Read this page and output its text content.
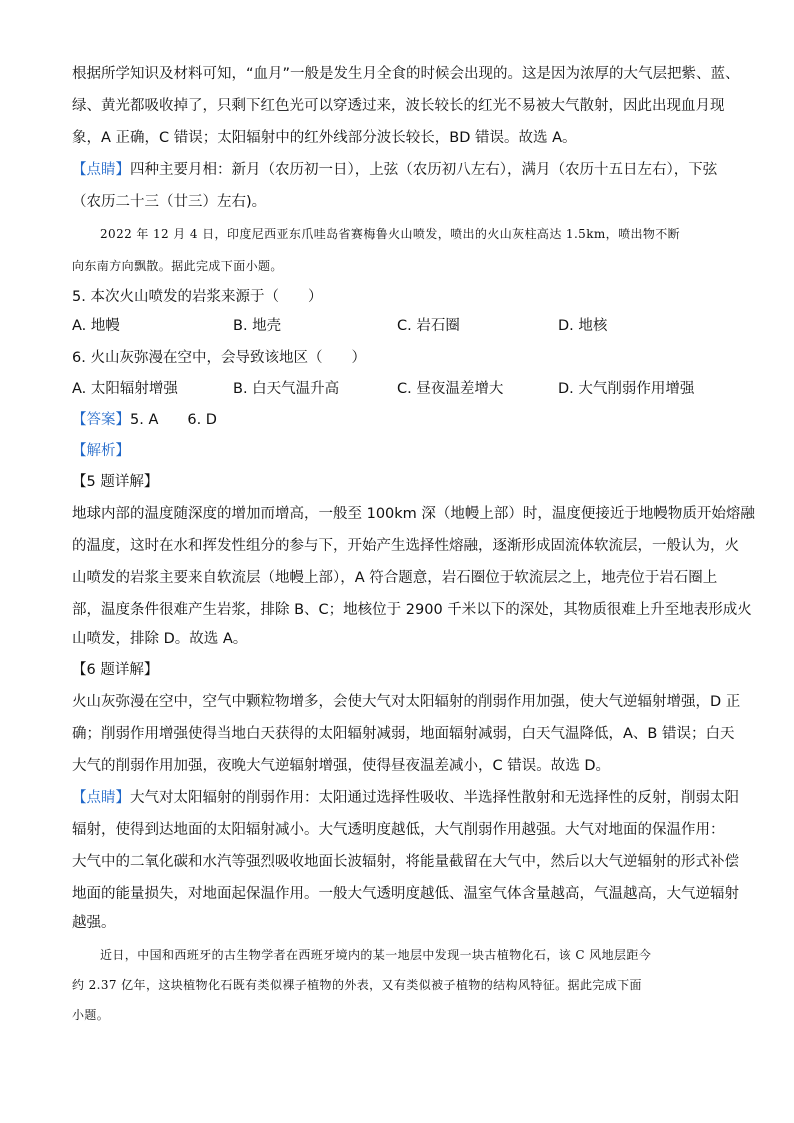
根据所学知识及材料可知，“血月”一般是发生月全食的时候会出现的。这是因为浓厚的大气层把紫、蓝、
绿、黄光都吸收掉了，只剩下红色光可以穿透过来，波长较长的红光不易被大气散射，因此出现血月现
象，A 正确，C 错误；太阳辐射中的红外线部分波长较长，BD 错误。故选 A。
【点睛】四种主要月相：新月（农历初一日），上弦（农历初八左右），满月（农历十五日左右），下弦
（农历二十三（廿三）左右)。
2022 年 12 月 4 日，印度尼西亚东爪哇岛省赛梅鲁火山喷发，喷出的火山灰柱高达 1.5km，喷出物不断
向东南方向飘散。据此完成下面小题。
5. 本次火山喷发的岩浆来源于（　　）
A. 地幔	B. 地壳	C. 岩石圈	D. 地核
6. 火山灰弥漫在空中，会导致该地区（　　）
A. 太阳辐射增强	B. 白天气温升高	C. 昼夜温差增大	D. 大气削弱作用增强
【答案】5. A　　6. D
【解析】
【5 题详解】
地球内部的温度随深度的增加而增高，一般至 100km 深（地幔上部）时，温度便接近于地幔物质开始熔融
的温度，这时在水和挥发性组分的参与下，开始产生选择性熔融，逐渐形成固流体软流层，一般认为，火
山喷发的岩浆主要来自软流层（地幔上部），A 符合题意，岩石圈位于软流层之上，地壳位于岩石圈上
部，温度条件很难产生岩浆，排除 B、C；地核位于 2900 千米以下的深处，其物质很难上升至地表形成火
山喷发，排除 D。故选 A。
【6 题详解】
火山灰弥漫在空中，空气中颗粒物增多，会使大气对太阳辐射的削弱作用加强，使大气逆辐射增强，D 正
确；削弱作用增强使得当地白天获得的太阳辐射减弱，地面辐射减弱，白天气温降低，A、B 错误；白天
大气的削弱作用加强，夜晚大气逆辐射增强，使得昼夜温差减小，C 错误。故选 D。
【点睛】大气对太阳辐射的削弱作用：太阳通过选择性吸收、半选择性散射和无选择性的反射，削弱太阳
辐射，使得到达地面的太阳辐射减小。大气透明度越低，大气削弱作用越强。大气对地面的保温作用：
大气中的二氧化碳和水汽等强烈吸收地面长波辐射，将能量截留在大气中，然后以大气逆辐射的形式补偿
地面的能量损失，对地面起保温作用。一般大气透明度越低、温室气体含量越高，气温越高，大气逆辐射
越强。
近日，中国和西班牙的古生物学者在西班牙境内的某一地层中发现一块古植物化石，该 C 风地层距今
约 2.37 亿年，这块植物化石既有类似裸子植物的外表，又有类似被子植物的结构风特征。据此完成下面
小题。
